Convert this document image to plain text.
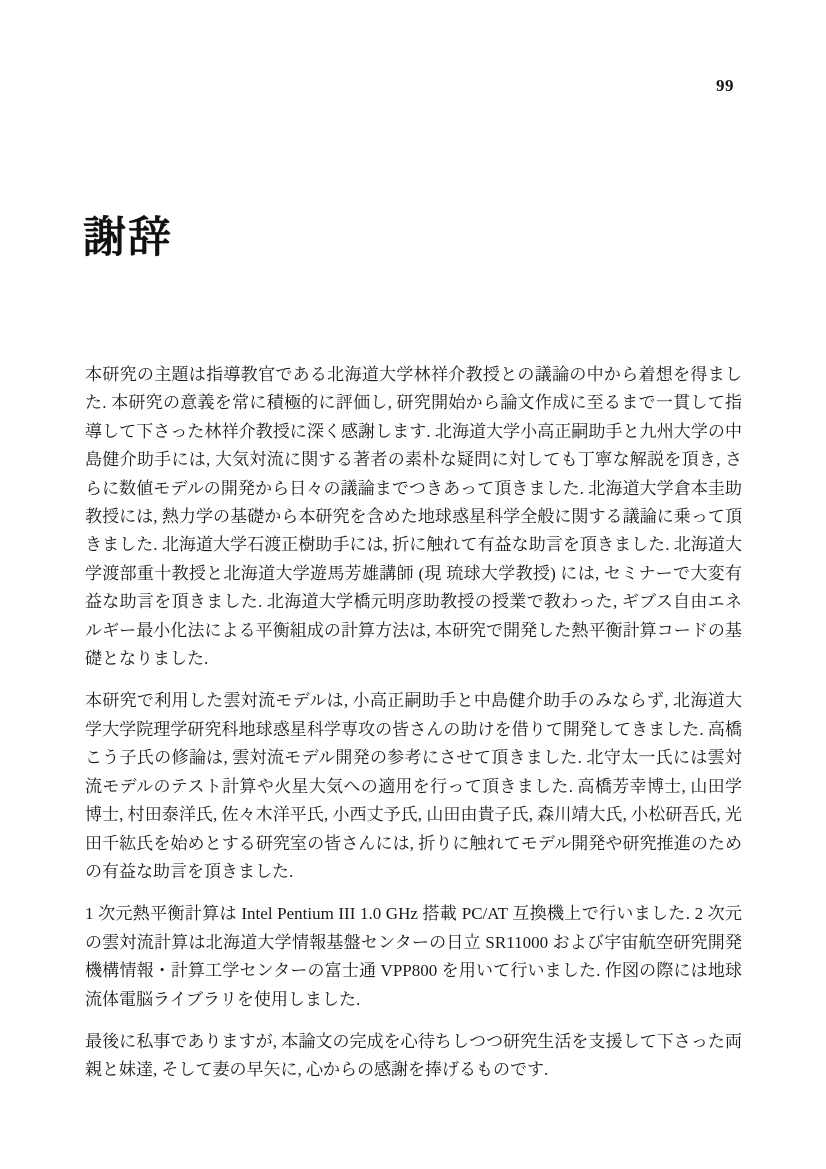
99
謝辞

本研究の主題は指導教官である北海道大学林祥介教授との議論の中から着想を得ました. 本研究の意義を常に積極的に評価し, 研究開始から論文作成に至るまで一貫して指導して下さった林祥介教授に深く感謝します. 北海道大学小高正嗣助手と九州大学の中島健介助手には, 大気対流に関する著者の素朴な疑問に対しても丁寧な解説を頂き, さらに数値モデルの開発から日々の議論までつきあって頂きました. 北海道大学倉本圭助教授には, 熱力学の基礎から本研究を含めた地球惑星科学全般に関する議論に乗って頂きました. 北海道大学石渡正樹助手には, 折に触れて有益な助言を頂きました. 北海道大学渡部重十教授と北海道大学遊馬芳雄講師 (現 琉球大学教授) には, セミナーで大変有益な助言を頂きました. 北海道大学橋元明彦助教授の授業で教わった, ギブス自由エネルギー最小化法による平衡組成の計算方法は, 本研究で開発した熱平衡計算コードの基礎となりました.

本研究で利用した雲対流モデルは, 小高正嗣助手と中島健介助手のみならず, 北海道大学大学院理学研究科地球惑星科学専攻の皆さんの助けを借りて開発してきました. 高橋こう子氏の修論は, 雲対流モデル開発の参考にさせて頂きました. 北守太一氏には雲対流モデルのテスト計算や火星大気への適用を行って頂きました. 高橋芳幸博士, 山田学博士, 村田泰洋氏, 佐々木洋平氏, 小西丈予氏, 山田由貴子氏, 森川靖大氏, 小松研吾氏, 光田千紘氏を始めとする研究室の皆さんには, 折りに触れてモデル開発や研究推進のための有益な助言を頂きました.

1 次元熱平衡計算は Intel Pentium III 1.0 GHz 搭載 PC/AT 互換機上で行いました. 2 次元の雲対流計算は北海道大学情報基盤センターの日立 SR11000 および宇宙航空研究開発機構情報・計算工学センターの富士通 VPP800 を用いて行いました. 作図の際には地球流体電脳ライブラリを使用しました.

最後に私事でありますが, 本論文の完成を心待ちしつつ研究生活を支援して下さった両親と妹達, そして妻の早矢に, 心からの感謝を捧げるものです.
